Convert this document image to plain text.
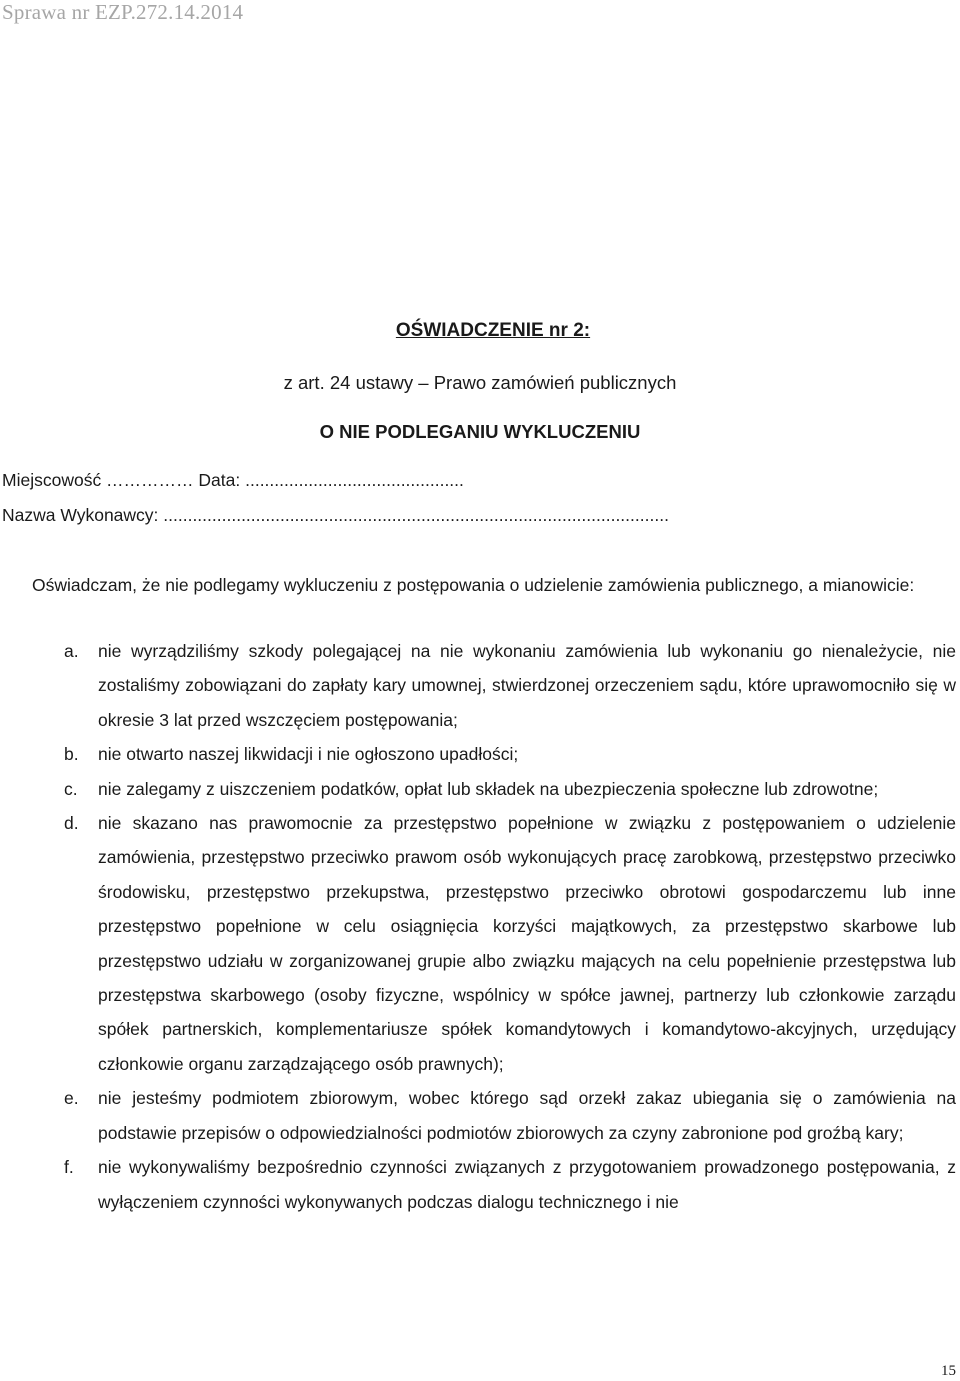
Sprawa nr EZP.272.14.2014
OŚWIADCZENIE nr 2:
z art. 24 ustawy – Prawo zamówień publicznych
O NIE PODLEGANIU WYKLUCZENIU
Miejscowość …………… Data: .............................................
Nazwa Wykonawcy: ........................................................................................................
Oświadczam, że nie podlegamy wykluczeniu z postępowania o udzielenie zamówienia publicznego, a mianowicie:
a. nie wyrządziliśmy szkody polegającej na nie wykonaniu zamówienia lub wykonaniu go nienależycie, nie zostaliśmy zobowiązani do zapłaty kary umownej, stwierdzonej orzeczeniem sądu, które uprawomocniło się w okresie 3 lat przed wszczęciem postępowania;
b. nie otwarto naszej likwidacji i nie ogłoszono upadłości;
c. nie zalegamy z uiszczeniem podatków, opłat lub składek na ubezpieczenia społeczne lub zdrowotne;
d. nie skazano nas prawomocnie za przestępstwo popełnione w związku z postępowaniem o udzielenie zamówienia, przestępstwo przeciwko prawom osób wykonujących pracę zarobkową, przestępstwo przeciwko środowisku, przestępstwo przekupstwa, przestępstwo przeciwko obrotowi gospodarczemu lub inne przestępstwo popełnione w celu osiągnięcia korzyści majątkowych, za przestępstwo skarbowe lub przestępstwo udziału w zorganizowanej grupie albo związku mających na celu popełnienie przestępstwa lub przestępstwa skarbowego (osoby fizyczne, wspólnicy w spółce jawnej, partnerzy lub członkowie zarządu spółek partnerskich, komplementariusze spółek komandytowych i komandytowo-akcyjnych, urzędujący członkowie organu zarządzającego osób prawnych);
e. nie jesteśmy podmiotem zbiorowym, wobec którego sąd orzekł zakaz ubiegania się o zamówienia na podstawie przepisów o odpowiedzialności podmiotów zbiorowych za czyny zabronione pod groźbą kary;
f. nie wykonywaliśmy bezpośrednio czynności związanych z przygotowaniem prowadzonego postępowania, z wyłączeniem czynności wykonywanych podczas dialogu technicznego i nie
15
